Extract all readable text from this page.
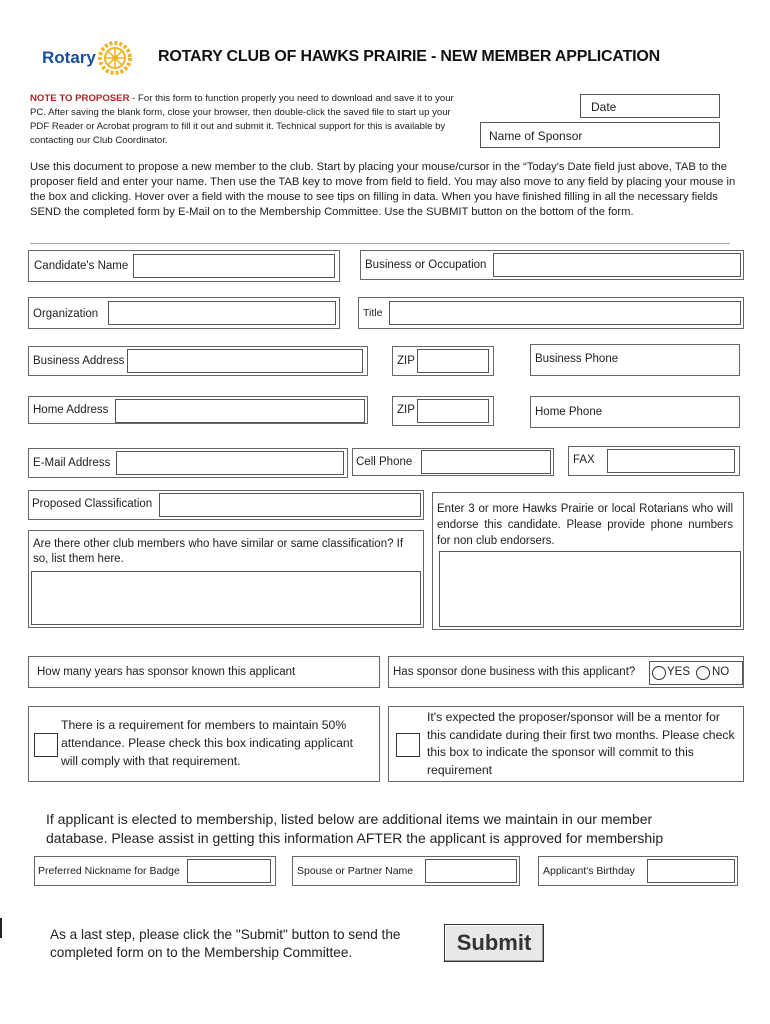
Rotary	ROTARY CLUB OF HAWKS PRAIRIE - NEW MEMBER APPLICATION
NOTE TO PROPOSER - For this form to function properly you need to download and save it to your PC. After saving the blank form, close your browser, then double-click the saved file to start up your PDF Reader or Acrobat program to fill it out and submit it. Technical support for this is available by contacting our Club Coordinator.
Date
Name of Sponsor
Use this document to propose a new member to the club. Start by placing your mouse/cursor in the “Today's Date field just above, TAB to the proposer field and enter your name. Then use the TAB key to move from field to field. You may also move to any field by placing your mouse in the box and clicking. Hover over a field with the mouse to see tips on filling in data. When you have finished filling in all the necessary fields SEND the completed form by E-Mail on to the Membership Committee. Use the SUBMIT button on the bottom of the form.
Candidate's Name	Business or Occupation
Organization	Title
Business Address	ZIP	Business Phone
Home Address	ZIP	Home Phone
E-Mail Address	Cell Phone	FAX
Proposed Classification
Are there other club members who have similar or same classification? If so, list them here.
Enter 3 or more Hawks Prairie or local Rotarians who will endorse this candidate. Please provide phone numbers for non club endorsers.
How many years has sponsor known this applicant	Has sponsor done business with this applicant?	YES NO
There is a requirement for members to maintain 50% attendance. Please check this box indicating applicant will comply with that requirement.
It's expected the proposer/sponsor will be a mentor for this candidate during their first two months. Please check this box to indicate the sponsor will commit to this requirement
If applicant is elected to membership, listed below are additional items we maintain in our member database. Please assist in getting this information AFTER the applicant is approved for membership
Preferred Nickname for Badge	Spouse or Partner Name	Applicant's Birthday
As a last step, please click the "Submit" button to send the completed form on to the Membership Committee.	Submit
